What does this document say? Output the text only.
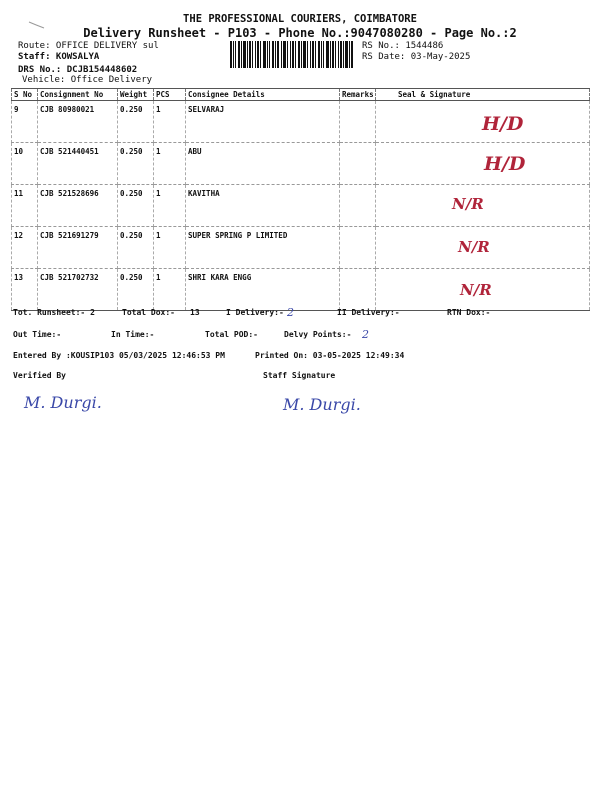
THE PROFESSIONAL COURIERS, COIMBATORE
Delivery Runsheet - P103 - Phone No.:9047080280 - Page No.:2
Route: OFFICE DELIVERY sul
Staff: KOWSALYA
DRS No.: DCJB154448602
Vehicle: Office Delivery
RS No.: 1544486
RS Date: 03-May-2025
S No	Consignment No	Weight	PCS	Consignee Details	Remarks	Seal & Signature
9	CJB 80980021	0.250	1	SELVARAJ		H/D

10	CJB 521440451	0.250	1	ABU		H/D

11	CJB 521528696	0.250	1	KAVITHA		N/R

12	CJB 521691279	0.250	1	SUPER SPRING P LIMITED		N/R

13	CJB 521702732	0.250	1	SHRI KARA ENGG		N/R
Tot. Runsheet:- 2	Total Dox:- 13	I Delivery:- 2	II Delivery:-	RTN Dox:-
Out Time:-	In Time:-	Total POD:-	Delvy Points:- 2
Entered By :KOUSIP103 05/03/2025 12:46:53 PM	Printed On: 03-05-2025 12:49:34
Verified By	Staff Signature
M. Durgi.	M. Durgi.
